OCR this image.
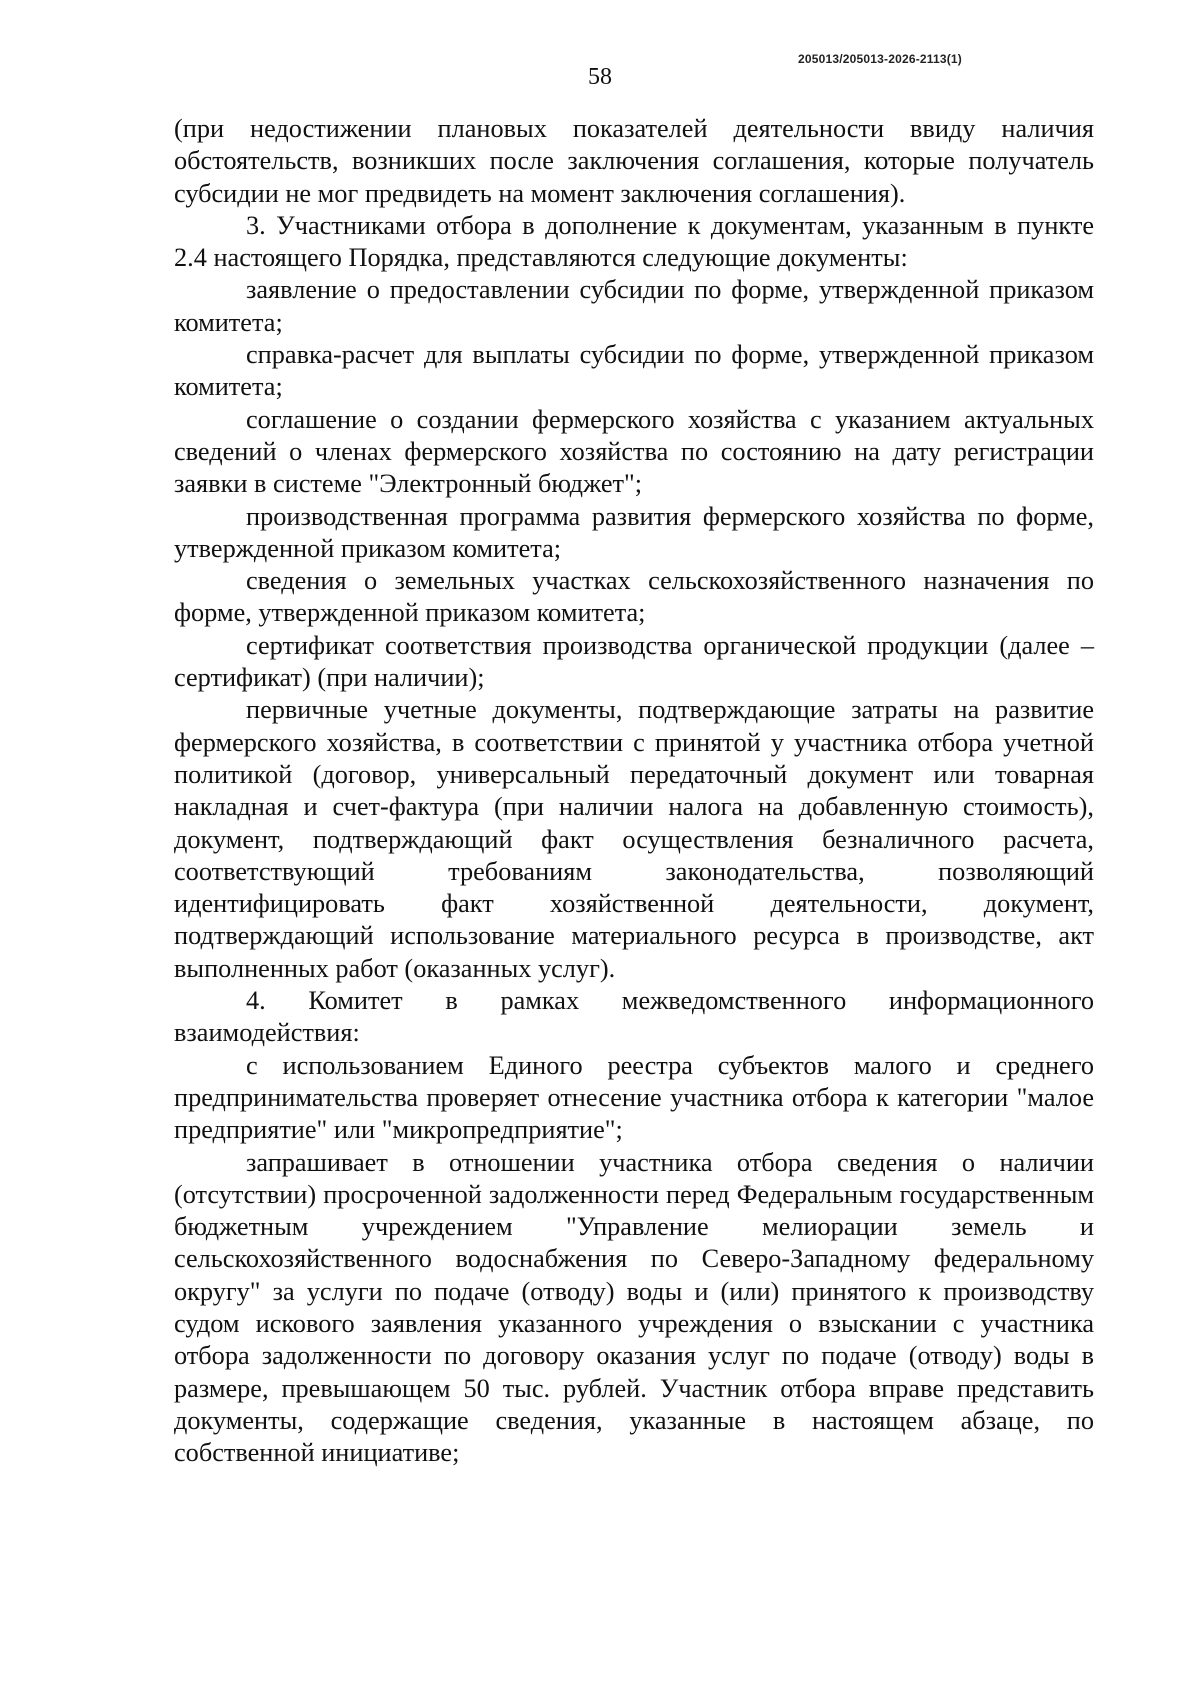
205013/205013-2026-2113(1)
58

(при недостижении плановых показателей деятельности ввиду наличия обстоятельств, возникших после заключения соглашения, которые получатель субсидии не мог предвидеть на момент заключения соглашения).

3. Участниками отбора в дополнение к документам, указанным в пункте 2.4 настоящего Порядка, представляются следующие документы:

заявление о предоставлении субсидии по форме, утвержденной приказом комитета;

справка-расчет для выплаты субсидии по форме, утвержденной приказом комитета;

соглашение о создании фермерского хозяйства с указанием актуальных сведений о членах фермерского хозяйства по состоянию на дату регистрации заявки в системе "Электронный бюджет";

производственная программа развития фермерского хозяйства по форме, утвержденной приказом комитета;

сведения о земельных участках сельскохозяйственного назначения по форме, утвержденной приказом комитета;

сертификат соответствия производства органической продукции (далее – сертификат) (при наличии);

первичные учетные документы, подтверждающие затраты на развитие фермерского хозяйства, в соответствии с принятой у участника отбора учетной политикой (договор, универсальный передаточный документ или товарная накладная и счет-фактура (при наличии налога на добавленную стоимость), документ, подтверждающий факт осуществления безналичного расчета, соответствующий требованиям законодательства, позволяющий идентифицировать факт хозяйственной деятельности, документ, подтверждающий использование материального ресурса в производстве, акт выполненных работ (оказанных услуг).

4. Комитет в рамках межведомственного информационного взаимодействия:

с использованием Единого реестра субъектов малого и среднего предпринимательства проверяет отнесение участника отбора к категории "малое предприятие" или "микропредприятие";

запрашивает в отношении участника отбора сведения о наличии (отсутствии) просроченной задолженности перед Федеральным государственным бюджетным учреждением "Управление мелиорации земель и сельскохозяйственного водоснабжения по Северо-Западному федеральному округу" за услуги по подаче (отводу) воды и (или) принятого к производству судом искового заявления указанного учреждения о взыскании с участника отбора задолженности по договору оказания услуг по подаче (отводу) воды в размере, превышающем 50 тыс. рублей. Участник отбора вправе представить документы, содержащие сведения, указанные в настоящем абзаце, по собственной инициативе;
